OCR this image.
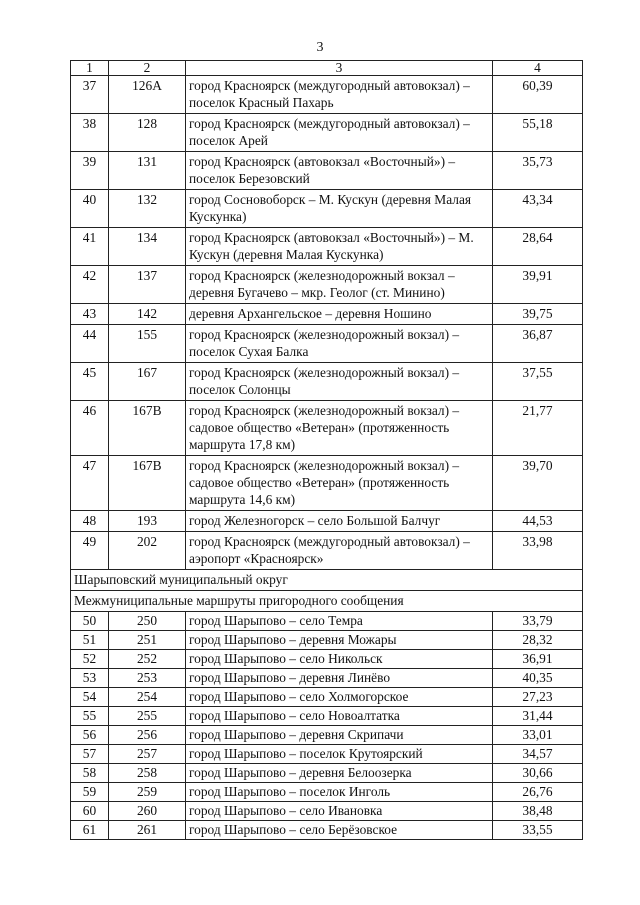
3
1	2	3	4
37	126А	город Красноярск (междугородный автовокзал) – поселок Красный Пахарь	60,39
38	128	город Красноярск (междугородный автовокзал) – поселок Арей	55,18
39	131	город Красноярск (автовокзал «Восточный») – поселок Березовский	35,73
40	132	город Сосновоборск – М. Кускун (деревня Малая Кускунка)	43,34
41	134	город Красноярск (автовокзал «Восточный») – М. Кускун (деревня Малая Кускунка)	28,64
42	137	город Красноярск (железнодорожный вокзал – деревня Бугачево – мкр. Геолог (ст. Минино)	39,91
43	142	деревня Архангельское – деревня Ношино	39,75
44	155	город Красноярск (железнодорожный вокзал) – поселок Сухая Балка	36,87
45	167	город Красноярск (железнодорожный вокзал) – поселок Солонцы	37,55
46	167В	город Красноярск (железнодорожный вокзал) – садовое общество «Ветеран» (протяженность маршрута 17,8 км)	21,77
47	167В	город Красноярск (железнодорожный вокзал) – садовое общество «Ветеран» (протяженность маршрута 14,6 км)	39,70
48	193	город Железногорск – село Большой Балчуг	44,53
49	202	город Красноярск (междугородный автовокзал) – аэропорт «Красноярск»	33,98
Шарыповский муниципальный округ			
Межмуниципальные маршруты пригородного сообщения			
50	250	город Шарыпово – село Темра	33,79
51	251	город Шарыпово – деревня Можары	28,32
52	252	город Шарыпово – село Никольск	36,91
53	253	город Шарыпово – деревня Линёво	40,35
54	254	город Шарыпово – село Холмогорское	27,23
55	255	город Шарыпово – село Новоалтатка	31,44
56	256	город Шарыпово – деревня Скрипачи	33,01
57	257	город Шарыпово – поселок Крутоярский	34,57
58	258	город Шарыпово – деревня Белоозерка	30,66
59	259	город Шарыпово – поселок Инголь	26,76
60	260	город Шарыпово – село Ивановка	38,48
61	261	город Шарыпово – село Берёзовское	33,55
